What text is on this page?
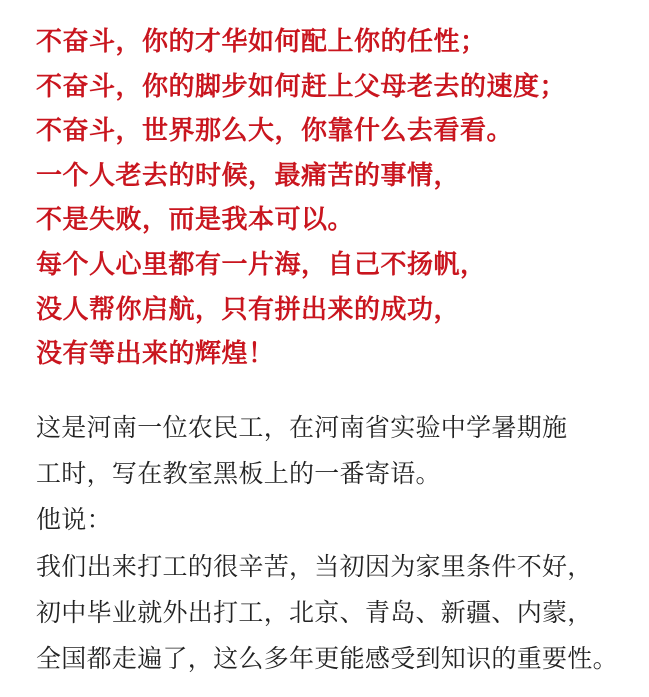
不奋斗，你的才华如何配上你的任性；
不奋斗，你的脚步如何赶上父母老去的速度；
不奋斗，世界那么大，你靠什么去看看。
一个人老去的时候，最痛苦的事情，
不是失败，而是我本可以。
每个人心里都有一片海，自己不扬帆，
没人帮你启航，只有拼出来的成功，
没有等出来的辉煌！
这是河南一位农民工，在河南省实验中学暑期施
工时，写在教室黑板上的一番寄语。
他说：
我们出来打工的很辛苦，当初因为家里条件不好，
初中毕业就外出打工，北京、青岛、新疆、内蒙，
全国都走遍了，这么多年更能感受到知识的重要性。
